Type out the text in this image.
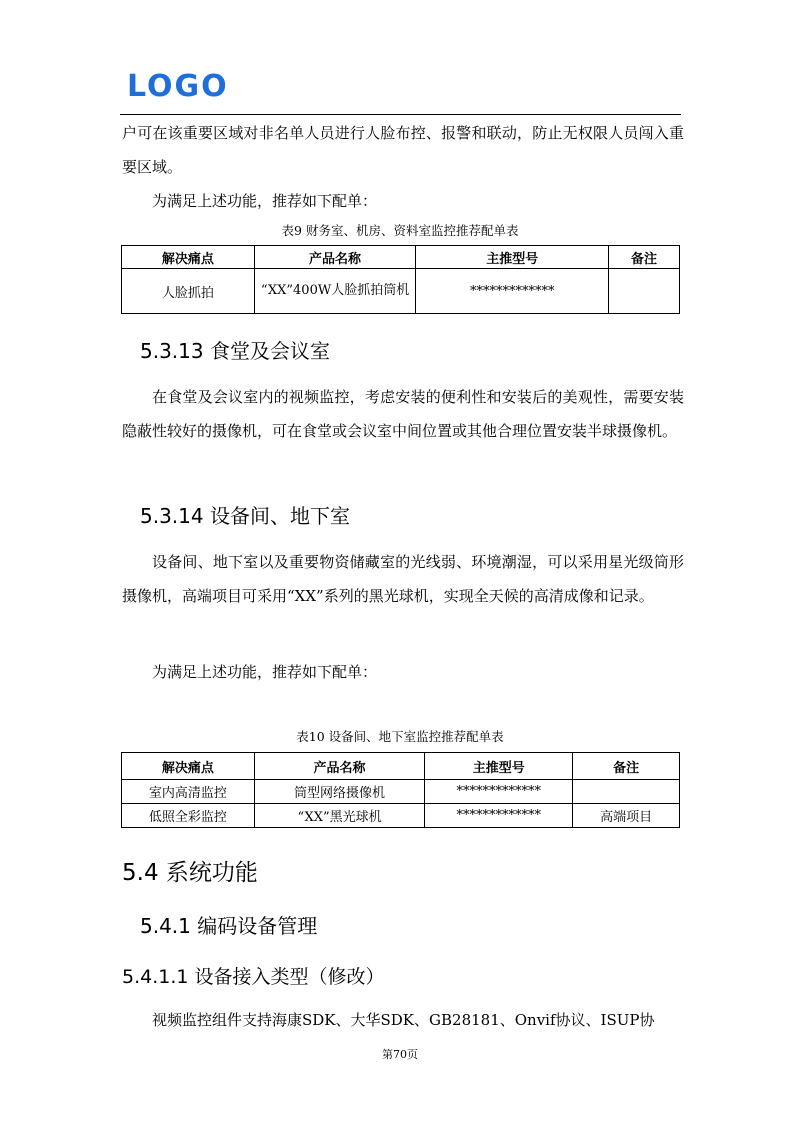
LOGO

户可在该重要区域对非名单人员进行人脸布控、报警和联动，防止无权限人员闯入重要区域。

为满足上述功能，推荐如下配单：

表9 财务室、机房、资料室监控推荐配单表
解决痛点	产品名称	主推型号	备注
人脸抓拍	“XX”400W人脸抓拍筒机	*************	
5.3.13 食堂及会议室

在食堂及会议室内的视频监控，考虑安装的便利性和安装后的美观性，需要安装隐蔽性较好的摄像机，可在食堂或会议室中间位置或其他合理位置安装半球摄像机。

5.3.14 设备间、地下室

设备间、地下室以及重要物资储藏室的光线弱、环境潮湿，可以采用星光级筒形摄像机，高端项目可采用“XX”系列的黑光球机，实现全天候的高清成像和记录。

为满足上述功能，推荐如下配单：

表10 设备间、地下室监控推荐配单表
解决痛点	产品名称	主推型号	备注
室内高清监控	筒型网络摄像机	*************	
低照全彩监控	“XX”黑光球机	*************	高端项目
5.4 系统功能
5.4.1 编码设备管理
5.4.1.1 设备接入类型（修改）

视频监控组件支持海康SDK、大华SDK、GB28181、Onvif协议、ISUP协

第70页
